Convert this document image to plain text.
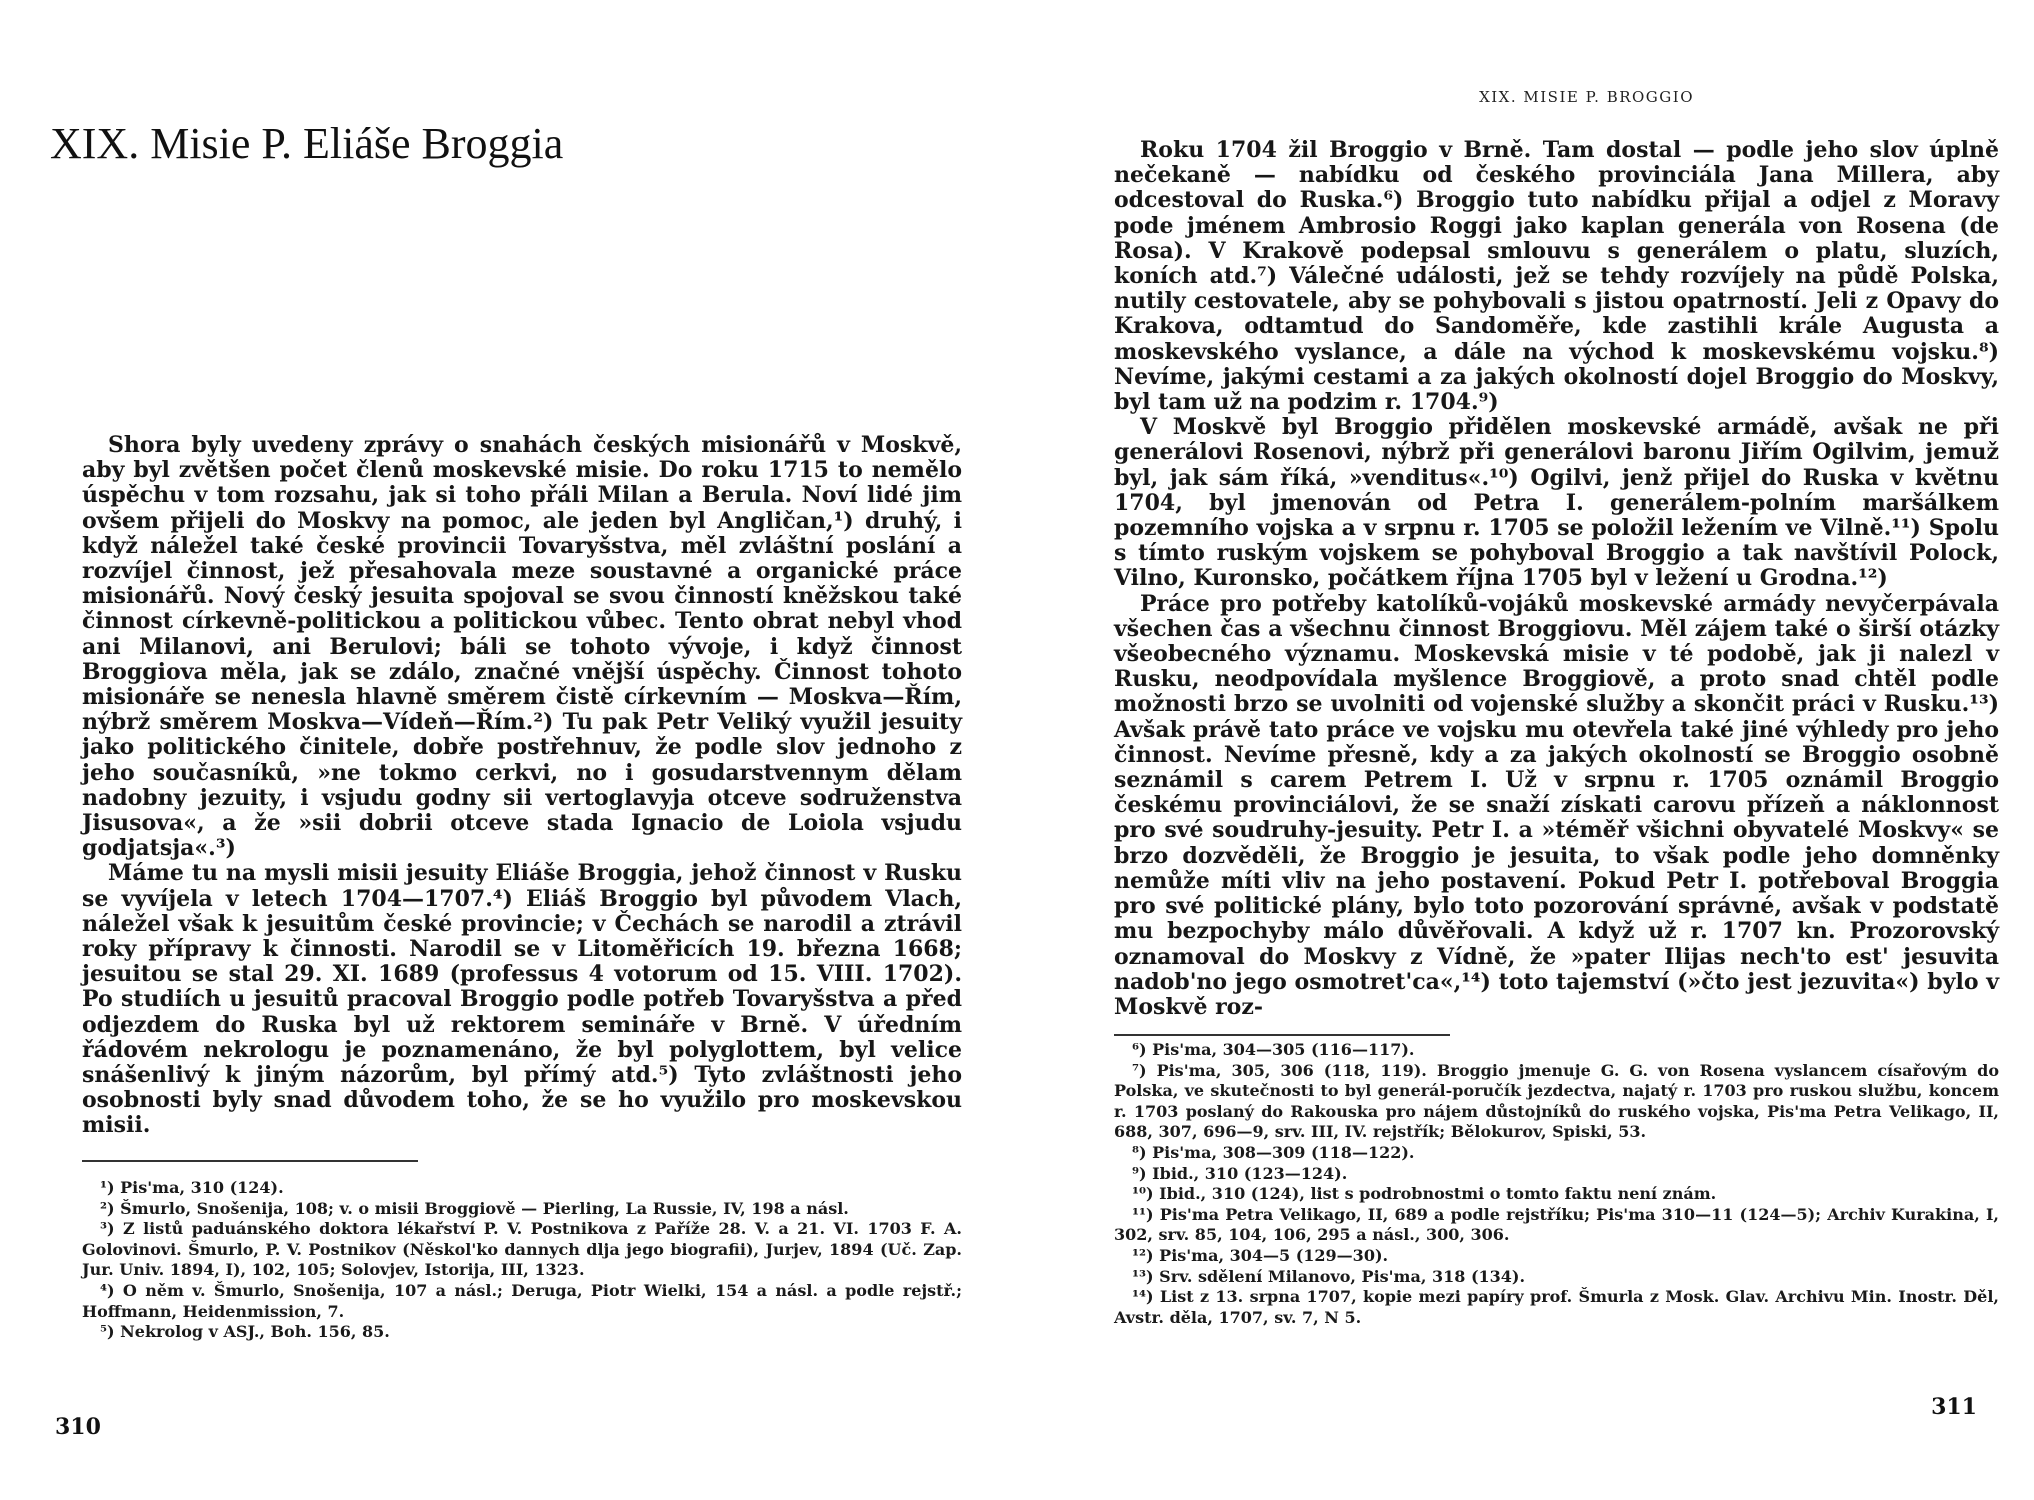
XIX. Misie P. Eliáše Broggia

Shora byly uvedeny zprávy o snahách českých misionářů v Moskvě, aby byl zvětšen počet členů moskevské misie. Do roku 1715 to nemělo úspěchu v tom rozsahu, jak si toho přáli Milan a Berula. Noví lidé jim ovšem přijeli do Moskvy na pomoc, ale jeden byl Angličan,¹) druhý, i když náležel také české provincii Tovaryšstva, měl zvláštní poslání a rozvíjel činnost, jež přesahovala meze soustavné a organické práce misionářů. Nový český jesuita spojoval se svou činností kněžskou také činnost církevně-politickou a politickou vůbec. Tento obrat nebyl vhod ani Milanovi, ani Berulovi; báli se tohoto vývoje, i když činnost Broggiova měla, jak se zdálo, značné vnější úspěchy. Činnost tohoto misionáře se nenesla hlavně směrem čistě církevním — Moskva—Řím, nýbrž směrem Moskva—Vídeň—Řím.²) Tu pak Petr Veliký využil jesuity jako politického činitele, dobře postřehnuv, že podle slov jednoho z jeho současníků, »ne tokmo cerkvi, no i gosudarstvennym dělam nadobny jezuity, i vsjudu godny sii vertoglavyja otceve sodruženstva Jisusova«, a že »sii dobrii otceve stada Ignacio de Loiola vsjudu godjatsja«.³)

Máme tu na mysli misii jesuity Eliáše Broggia, jehož činnost v Rusku se vyvíjela v letech 1704—1707.⁴) Eliáš Broggio byl původem Vlach, náležel však k jesuitům české provincie; v Čechách se narodil a ztrávil roky přípravy k činnosti. Narodil se v Litoměřicích 19. března 1668; jesuitou se stal 29. XI. 1689 (professus 4 votorum od 15. VIII. 1702). Po studiích u jesuitů pracoval Broggio podle potřeb Tovaryšstva a před odjezdem do Ruska byl už rektorem semináře v Brně. V úředním řádovém nekrologu je poznamenáno, že byl polyglottem, byl velice snášenlivý k jiným názorům, byl přímý atd.⁵) Tyto zvláštnosti jeho osobnosti byly snad důvodem toho, že se ho využilo pro moskevskou misii.

¹) Pis'ma, 310 (124).
²) Šmurlo, Snošenija, 108; v. o misii Broggiově — Pierling, La Russie, IV, 198 a násl.
³) Z listů paduánského doktora lékařství P. V. Postnikova z Paříže 28. V. a 21. VI. 1703 F. A. Golovinovi. Šmurlo, P. V. Postnikov (Něskol'ko dannych dlja jego biografii), Jurjev, 1894 (Uč. Zap. Jur. Univ. 1894, I), 102, 105; Solovjev, Istorija, III, 1323.
⁴) O něm v. Šmurlo, Snošenija, 107 a násl.; Deruga, Piotr Wielki, 154 a násl. a podle rejstř.; Hoffmann, Heidenmission, 7.
⁵) Nekrolog v ASJ., Boh. 156, 85.

310

XIX. MISIE P. BROGGIO

Roku 1704 žil Broggio v Brně. Tam dostal — podle jeho slov úplně nečekaně — nabídku od českého provinciála Jana Millera, aby odcestoval do Ruska.⁶) Broggio tuto nabídku přijal a odjel z Moravy pode jménem Ambrosio Roggi jako kaplan generála von Rosena (de Rosa). V Krakově podepsal smlouvu s generálem o platu, sluzích, koních atd.⁷) Válečné události, jež se tehdy rozvíjely na půdě Polska, nutily cestovatele, aby se pohybovali s jistou opatrností. Jeli z Opavy do Krakova, odtamtud do Sandoměře, kde zastihli krále Augusta a moskevského vyslance, a dále na východ k moskevskému vojsku.⁸) Nevíme, jakými cestami a za jakých okolností dojel Broggio do Moskvy, byl tam už na podzim r. 1704.⁹)

V Moskvě byl Broggio přidělen moskevské armádě, avšak ne při generálovi Rosenovi, nýbrž při generálovi baronu Jiřím Ogilvim, jemuž byl, jak sám říká, »venditus«.¹⁰) Ogilvi, jenž přijel do Ruska v květnu 1704, byl jmenován od Petra I. generálem-polním maršálkem pozemního vojska a v srpnu r. 1705 se položil ležením ve Vilně.¹¹) Spolu s tímto ruským vojskem se pohyboval Broggio a tak navštívil Polock, Vilno, Kuronsko, počátkem října 1705 byl v ležení u Grodna.¹²)

Práce pro potřeby katolíků-vojáků moskevské armády nevyčerpávala všechen čas a všechnu činnost Broggiovu. Měl zájem také o širší otázky všeobecného významu. Moskevská misie v té podobě, jak ji nalezl v Rusku, neodpovídala myšlence Broggiově, a proto snad chtěl podle možnosti brzo se uvolniti od vojenské služby a skončit práci v Rusku.¹³) Avšak právě tato práce ve vojsku mu otevřela také jiné výhledy pro jeho činnost. Nevíme přesně, kdy a za jakých okolností se Broggio osobně seznámil s carem Petrem I. Už v srpnu r. 1705 oznámil Broggio českému provinciálovi, že se snaží získati carovu přízeň a náklonnost pro své soudruhy-jesuity. Petr I. a »téměř všichni obyvatelé Moskvy« se brzo dozvěděli, že Broggio je jesuita, to však podle jeho domněnky nemůže míti vliv na jeho postavení. Pokud Petr I. potřeboval Broggia pro své politické plány, bylo toto pozorování správné, avšak v podstatě mu bezpochyby málo důvěřovali. A když už r. 1707 kn. Prozorovský oznamoval do Moskvy z Vídně, že »pater Ilijas nech'to est' jesuvita nadob'no jego osmotret'ca«,¹⁴) toto tajemství (»čto jest jezuvita«) bylo v Moskvě roz-

⁶) Pis'ma, 304—305 (116—117).
⁷) Pis'ma, 305, 306 (118, 119). Broggio jmenuje G. G. von Rosena vyslancem císařovým do Polska, ve skutečnosti to byl generál-poručík jezdectva, najatý r. 1703 pro ruskou službu, koncem r. 1703 poslaný do Rakouska pro nájem důstojníků do ruského vojska, Pis'ma Petra Velikago, II, 688, 307, 696—9, srv. III, IV. rejstřík; Bělokurov, Spiski, 53.
⁸) Pis'ma, 308—309 (118—122).
⁹) Ibid., 310 (123—124).
¹⁰) Ibid., 310 (124), list s podrobnostmi o tomto faktu není znám.
¹¹) Pis'ma Petra Velikago, II, 689 a podle rejstříku; Pis'ma 310—11 (124—5); Archiv Kurakina, I, 302, srv. 85, 104, 106, 295 a násl., 300, 306.
¹²) Pis'ma, 304—5 (129—30).
¹³) Srv. sdělení Milanovo, Pis'ma, 318 (134).
¹⁴) List z 13. srpna 1707, kopie mezi papíry prof. Šmurla z Mosk. Glav. Archivu Min. Inostr. Děl, Avstr. děla, 1707, sv. 7, N 5.

311
